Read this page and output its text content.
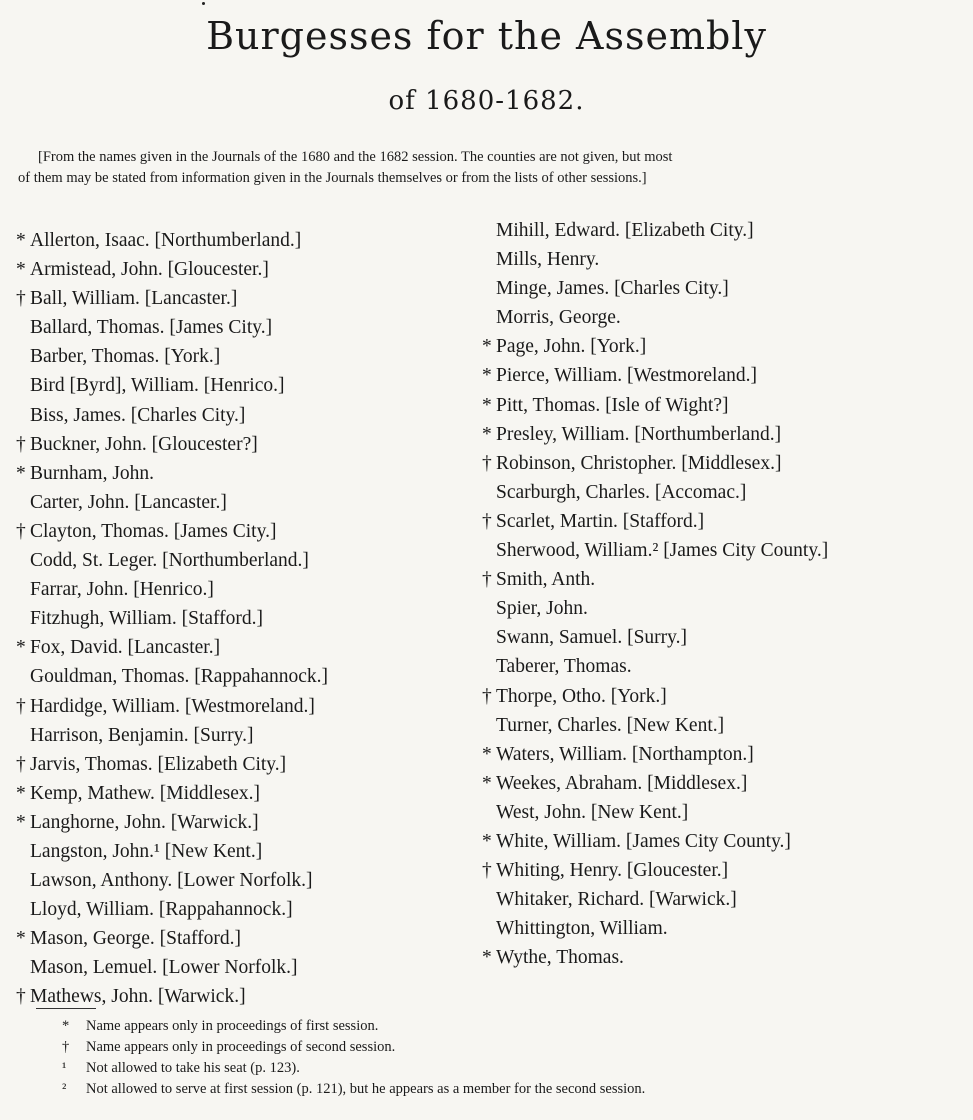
Burgesses for the Assembly
of 1680-1682.

[From the names given in the Journals of the 1680 and the 1682 session. The counties are not given, but most
of them may be stated from information given in the Journals themselves or from the lists of other sessions.]

* Allerton, Isaac. [Northumberland.]
* Armistead, John. [Gloucester.]
† Ball, William. [Lancaster.]
Ballard, Thomas. [James City.]
Barber, Thomas. [York.]
Bird [Byrd], William. [Henrico.]
Biss, James. [Charles City.]
† Buckner, John. [Gloucester?]
* Burnham, John.
Carter, John. [Lancaster.]
† Clayton, Thomas. [James City.]
Codd, St. Leger. [Northumberland.]
Farrar, John. [Henrico.]
Fitzhugh, William. [Stafford.]
* Fox, David. [Lancaster.]
Gouldman, Thomas. [Rappahannock.]
† Hardidge, William. [Westmoreland.]
Harrison, Benjamin. [Surry.]
† Jarvis, Thomas. [Elizabeth City.]
* Kemp, Mathew. [Middlesex.]
* Langhorne, John. [Warwick.]
Langston, John.¹ [New Kent.]
Lawson, Anthony. [Lower Norfolk.]
Lloyd, William. [Rappahannock.]
* Mason, George. [Stafford.]
Mason, Lemuel. [Lower Norfolk.]
† Mathews, John. [Warwick.]
Mihill, Edward. [Elizabeth City.]
Mills, Henry.
Minge, James. [Charles City.]
Morris, George.
* Page, John. [York.]
* Pierce, William. [Westmoreland.]
* Pitt, Thomas. [Isle of Wight?]
* Presley, William. [Northumberland.]
† Robinson, Christopher. [Middlesex.]
Scarburgh, Charles. [Accomac.]
† Scarlet, Martin. [Stafford.]
Sherwood, William.² [James City County.]
† Smith, Anth.
Spier, John.
Swann, Samuel. [Surry.]
Taberer, Thomas.
† Thorpe, Otho. [York.]
Turner, Charles. [New Kent.]
* Waters, William. [Northampton.]
* Weekes, Abraham. [Middlesex.]
West, John. [New Kent.]
* White, William. [James City County.]
† Whiting, Henry. [Gloucester.]
Whitaker, Richard. [Warwick.]
Whittington, William.
* Wythe, Thomas.
*	Name appears only in proceedings of first session.
†	Name appears only in proceedings of second session.
¹	Not allowed to take his seat (p. 123).
²	Not allowed to serve at first session (p. 121), but he appears as a member for the second session.
